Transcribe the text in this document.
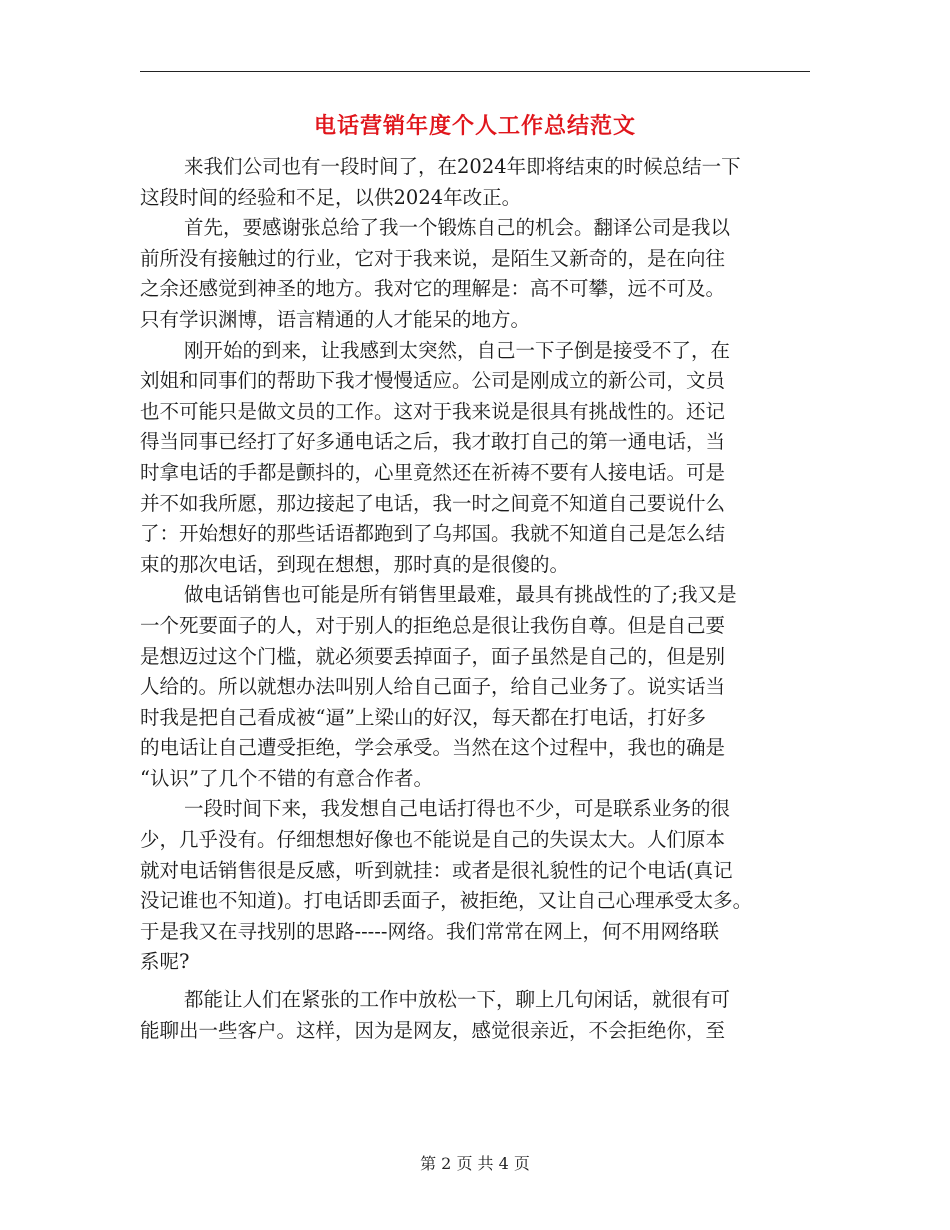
电话营销年度个人工作总结范文
来我们公司也有一段时间了，在2024年即将结束的时候总结一下
这段时间的经验和不足，以供2024年改正。
首先，要感谢张总给了我一个锻炼自己的机会。翻译公司是我以
前所没有接触过的行业，它对于我来说，是陌生又新奇的，是在向往
之余还感觉到神圣的地方。我对它的理解是：高不可攀，远不可及。
只有学识渊博，语言精通的人才能呆的地方。
刚开始的到来，让我感到太突然，自己一下子倒是接受不了，在
刘姐和同事们的帮助下我才慢慢适应。公司是刚成立的新公司，文员
也不可能只是做文员的工作。这对于我来说是很具有挑战性的。还记
得当同事已经打了好多通电话之后，我才敢打自己的第一通电话，当
时拿电话的手都是颤抖的，心里竟然还在祈祷不要有人接电话。可是
并不如我所愿，那边接起了电话，我一时之间竟不知道自己要说什么
了：开始想好的那些话语都跑到了乌邦国。我就不知道自己是怎么结
束的那次电话，到现在想想，那时真的是很傻的。
做电话销售也可能是所有销售里最难，最具有挑战性的了;我又是
一个死要面子的人，对于别人的拒绝总是很让我伤自尊。但是自己要
是想迈过这个门槛，就必须要丢掉面子，面子虽然是自己的，但是别
人给的。所以就想办法叫别人给自己面子，给自己业务了。说实话当
时我是把自己看成被“逼”上梁山的好汉，每天都在打电话，打好多
的电话让自己遭受拒绝，学会承受。当然在这个过程中，我也的确是
“认识”了几个不错的有意合作者。
一段时间下来，我发想自己电话打得也不少，可是联系业务的很
少，几乎没有。仔细想想好像也不能说是自己的失误太大。人们原本
就对电话销售很是反感，听到就挂：或者是很礼貌性的记个电话(真记
没记谁也不知道)。打电话即丢面子，被拒绝，又让自己心理承受太多。
于是我又在寻找别的思路-----网络。我们常常在网上，何不用网络联
系呢?
都能让人们在紧张的工作中放松一下，聊上几句闲话，就很有可
能聊出一些客户。这样，因为是网友，感觉很亲近，不会拒绝你，至
第 2 页 共 4 页
